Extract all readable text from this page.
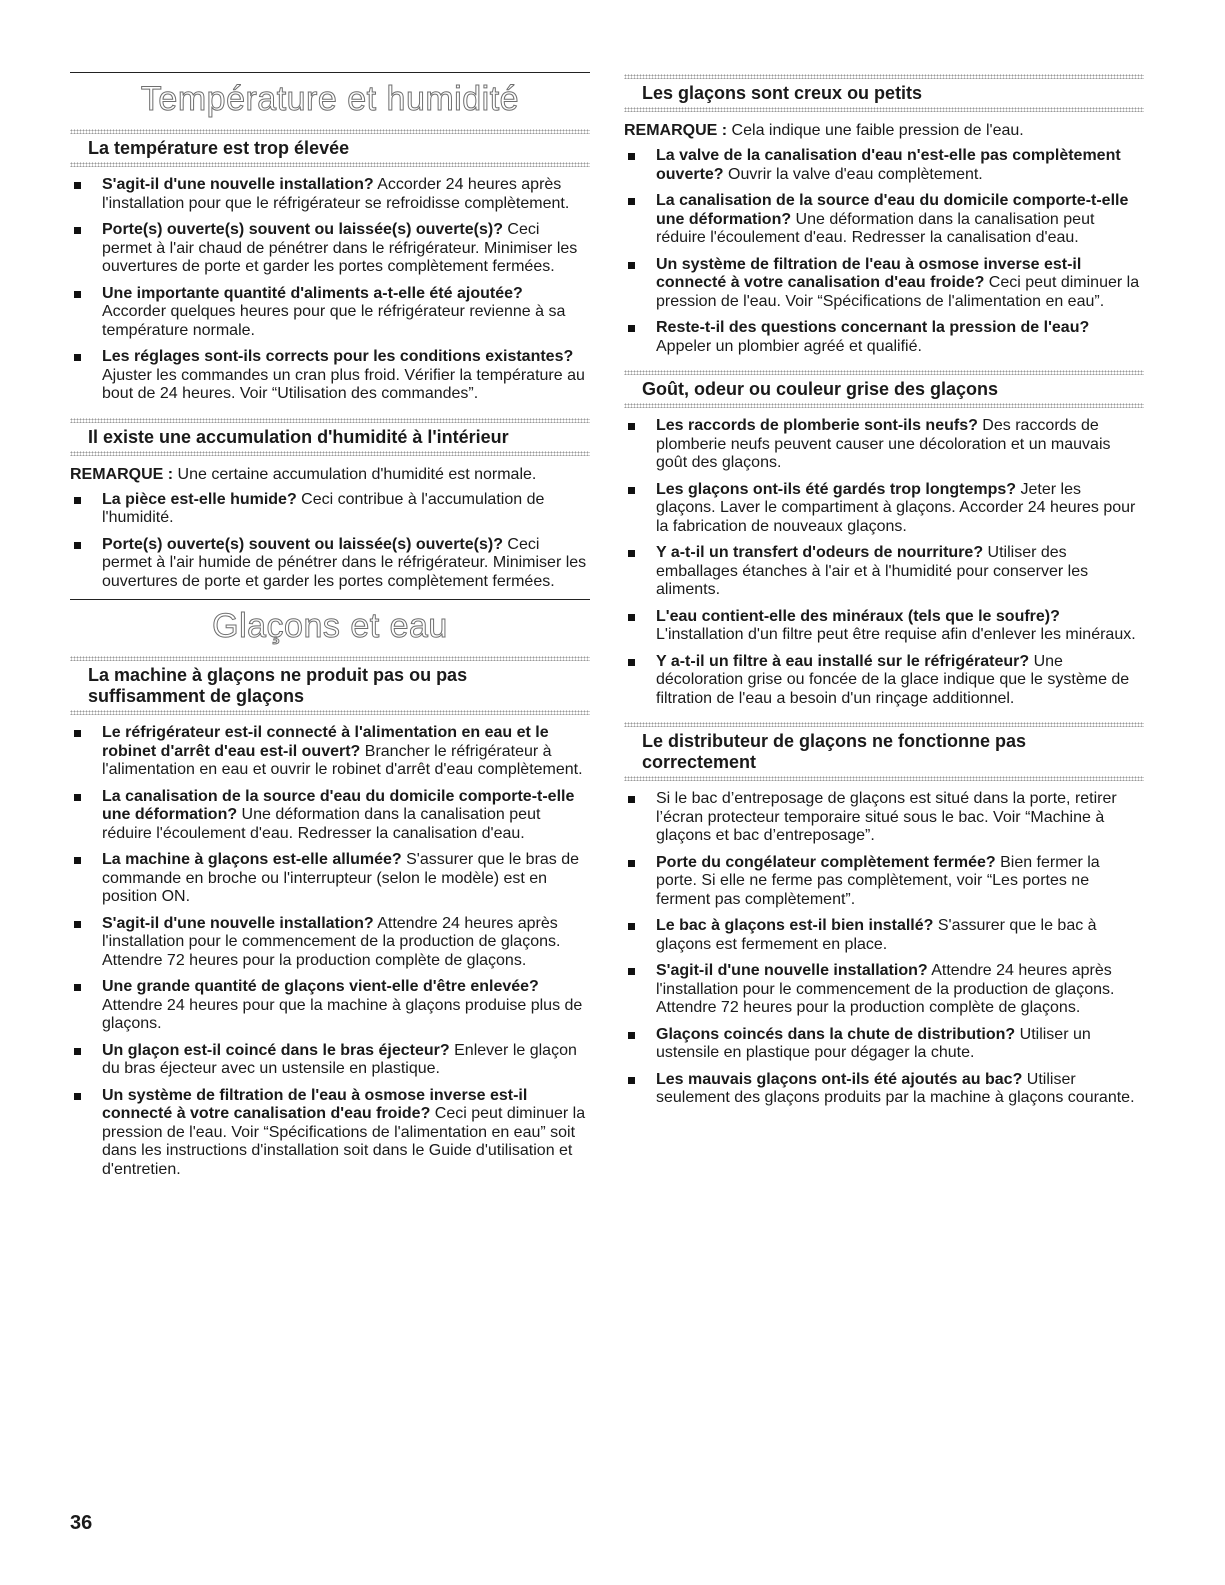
Température et humidité
La température est trop élevée
S'agit-il d'une nouvelle installation? Accorder 24 heures après l'installation pour que le réfrigérateur se refroidisse complètement.
Porte(s) ouverte(s) souvent ou laissée(s) ouverte(s)? Ceci permet à l'air chaud de pénétrer dans le réfrigérateur. Minimiser les ouvertures de porte et garder les portes complètement fermées.
Une importante quantité d'aliments a-t-elle été ajoutée? Accorder quelques heures pour que le réfrigérateur revienne à sa température normale.
Les réglages sont-ils corrects pour les conditions existantes? Ajuster les commandes un cran plus froid. Vérifier la température au bout de 24 heures. Voir “Utilisation des commandes”.
Il existe une accumulation d'humidité à l'intérieur

REMARQUE : Une certaine accumulation d'humidité est normale.

La pièce est-elle humide? Ceci contribue à l'accumulation de l'humidité.
Porte(s) ouverte(s) souvent ou laissée(s) ouverte(s)? Ceci permet à l'air humide de pénétrer dans le réfrigérateur. Minimiser les ouvertures de porte et garder les portes complètement fermées.
Glaçons et eau
La machine à glaçons ne produit pas ou pas suffisamment de glaçons
Le réfrigérateur est-il connecté à l'alimentation en eau et le robinet d'arrêt d'eau est-il ouvert? Brancher le réfrigérateur à l'alimentation en eau et ouvrir le robinet d'arrêt d'eau complètement.
La canalisation de la source d'eau du domicile comporte-t-elle une déformation? Une déformation dans la canalisation peut réduire l'écoulement d'eau. Redresser la canalisation d'eau.
La machine à glaçons est-elle allumée? S'assurer que le bras de commande en broche ou l'interrupteur (selon le modèle) est en position ON.
S'agit-il d'une nouvelle installation? Attendre 24 heures après l'installation pour le commencement de la production de glaçons. Attendre 72 heures pour la production complète de glaçons.
Une grande quantité de glaçons vient-elle d'être enlevée? Attendre 24 heures pour que la machine à glaçons produise plus de glaçons.
Un glaçon est-il coincé dans le bras éjecteur? Enlever le glaçon du bras éjecteur avec un ustensile en plastique.
Un système de filtration de l'eau à osmose inverse est-il connecté à votre canalisation d'eau froide? Ceci peut diminuer la pression de l'eau. Voir “Spécifications de l'alimentation en eau” soit dans les instructions d'installation soit dans le Guide d'utilisation et d'entretien.
Les glaçons sont creux ou petits

REMARQUE : Cela indique une faible pression de l'eau.

La valve de la canalisation d'eau n'est-elle pas complètement ouverte? Ouvrir la valve d'eau complètement.
La canalisation de la source d'eau du domicile comporte-t-elle une déformation? Une déformation dans la canalisation peut réduire l'écoulement d'eau. Redresser la canalisation d'eau.
Un système de filtration de l'eau à osmose inverse est-il connecté à votre canalisation d'eau froide? Ceci peut diminuer la pression de l'eau. Voir “Spécifications de l'alimentation en eau”.
Reste-t-il des questions concernant la pression de l'eau? Appeler un plombier agréé et qualifié.
Goût, odeur ou couleur grise des glaçons
Les raccords de plomberie sont-ils neufs? Des raccords de plomberie neufs peuvent causer une décoloration et un mauvais goût des glaçons.
Les glaçons ont-ils été gardés trop longtemps? Jeter les glaçons. Laver le compartiment à glaçons. Accorder 24 heures pour la fabrication de nouveaux glaçons.
Y a-t-il un transfert d'odeurs de nourriture? Utiliser des emballages étanches à l'air et à l'humidité pour conserver les aliments.
L'eau contient-elle des minéraux (tels que le soufre)? L'installation d'un filtre peut être requise afin d'enlever les minéraux.
Y a-t-il un filtre à eau installé sur le réfrigérateur? Une décoloration grise ou foncée de la glace indique que le système de filtration de l'eau a besoin d'un rinçage additionnel.
Le distributeur de glaçons ne fonctionne pas correctement
Si le bac d’entreposage de glaçons est situé dans la porte, retirer l’écran protecteur temporaire situé sous le bac. Voir “Machine à glaçons et bac d’entreposage”.
Porte du congélateur complètement fermée? Bien fermer la porte. Si elle ne ferme pas complètement, voir “Les portes ne ferment pas complètement”.
Le bac à glaçons est-il bien installé? S'assurer que le bac à glaçons est fermement en place.
S'agit-il d'une nouvelle installation? Attendre 24 heures après l'installation pour le commencement de la production de glaçons. Attendre 72 heures pour la production complète de glaçons.
Glaçons coincés dans la chute de distribution? Utiliser un ustensile en plastique pour dégager la chute.
Les mauvais glaçons ont-ils été ajoutés au bac? Utiliser seulement des glaçons produits par la machine à glaçons courante.
36
